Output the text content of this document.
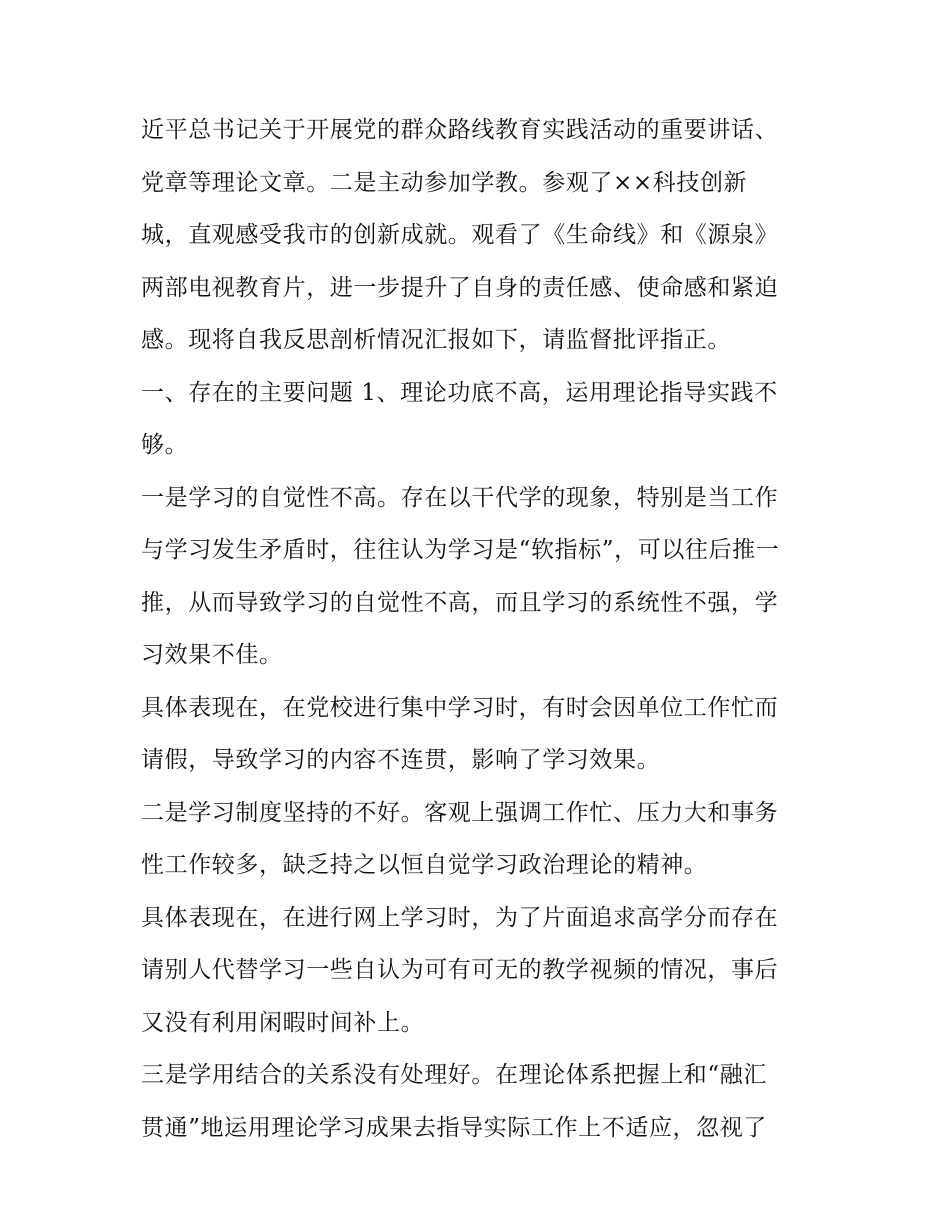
近平总书记关于开展党的群众路线教育实践活动的重要讲话、
党章等理论文章。二是主动参加学教。参观了××科技创新
城，直观感受我市的创新成就。观看了《生命线》和《源泉》
两部电视教育片，进一步提升了自身的责任感、使命感和紧迫
感。现将自我反思剖析情况汇报如下，请监督批评指正。

一、存在的主要问题 1、理论功底不高，运用理论指导实践不
够。

一是学习的自觉性不高。存在以干代学的现象，特别是当工作
与学习发生矛盾时，往往认为学习是“软指标”，可以往后推一
推，从而导致学习的自觉性不高，而且学习的系统性不强，学
习效果不佳。

具体表现在，在党校进行集中学习时，有时会因单位工作忙而
请假，导致学习的内容不连贯，影响了学习效果。

二是学习制度坚持的不好。客观上强调工作忙、压力大和事务
性工作较多，缺乏持之以恒自觉学习政治理论的精神。

具体表现在，在进行网上学习时，为了片面追求高学分而存在
请别人代替学习一些自认为可有可无的教学视频的情况，事后
又没有利用闲暇时间补上。

三是学用结合的关系没有处理好。在理论体系把握上和“融汇
贯通”地运用理论学习成果去指导实际工作上不适应，忽视了
